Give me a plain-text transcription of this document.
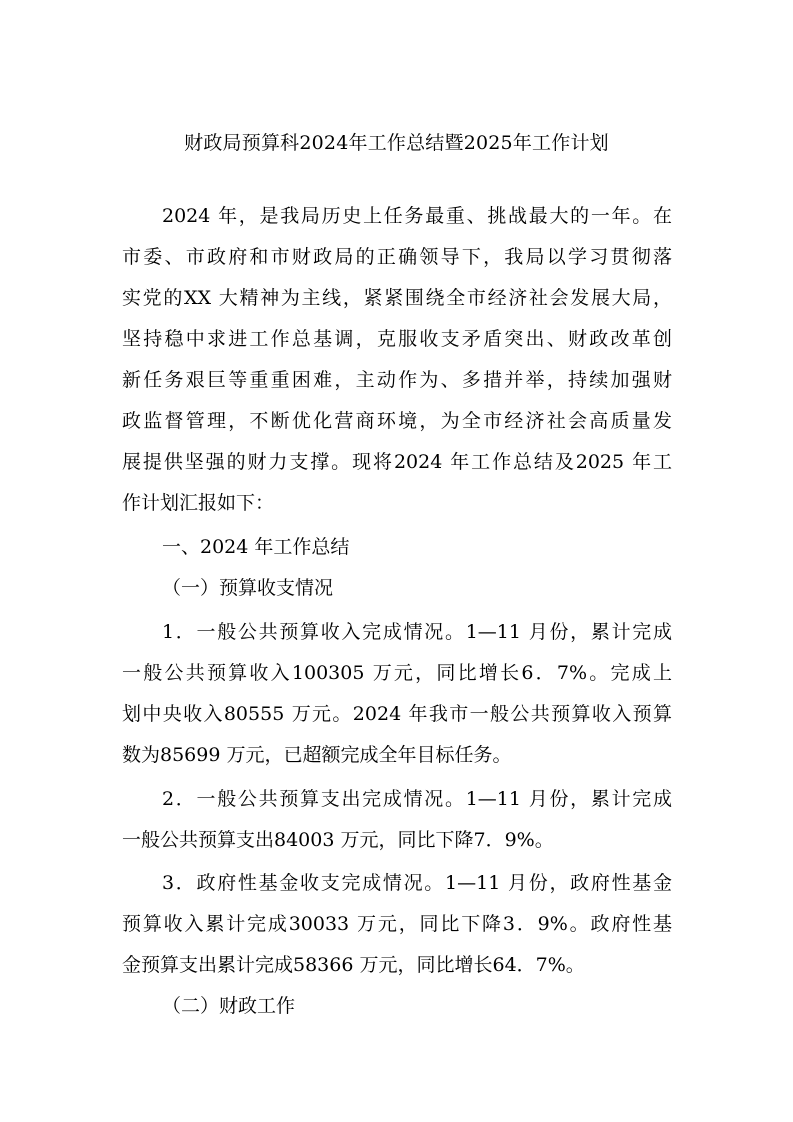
财政局预算科2024年工作总结暨2025年工作计划
2024 年，是我局历史上任务最重、挑战最大的一年。在
市委、市政府和市财政局的正确领导下，我局以学习贯彻落
实党的XX 大精神为主线，紧紧围绕全市经济社会发展大局，
坚持稳中求进工作总基调，克服收支矛盾突出、财政改革创
新任务艰巨等重重困难，主动作为、多措并举，持续加强财
政监督管理，不断优化营商环境，为全市经济社会高质量发
展提供坚强的财力支撑。现将2024 年工作总结及2025 年工
作计划汇报如下：
一、2024 年工作总结
（一）预算收支情况
1．一般公共预算收入完成情况。1—11 月份，累计完成
一般公共预算收入100305 万元，同比增长6．7%。完成上
划中央收入80555 万元。2024 年我市一般公共预算收入预算
数为85699 万元，已超额完成全年目标任务。
2．一般公共预算支出完成情况。1—11 月份，累计完成
一般公共预算支出84003 万元，同比下降7．9%。
3．政府性基金收支完成情况。1—11 月份，政府性基金
预算收入累计完成30033 万元，同比下降3．9%。政府性基
金预算支出累计完成58366 万元，同比增长64．7%。
（二）财政工作
